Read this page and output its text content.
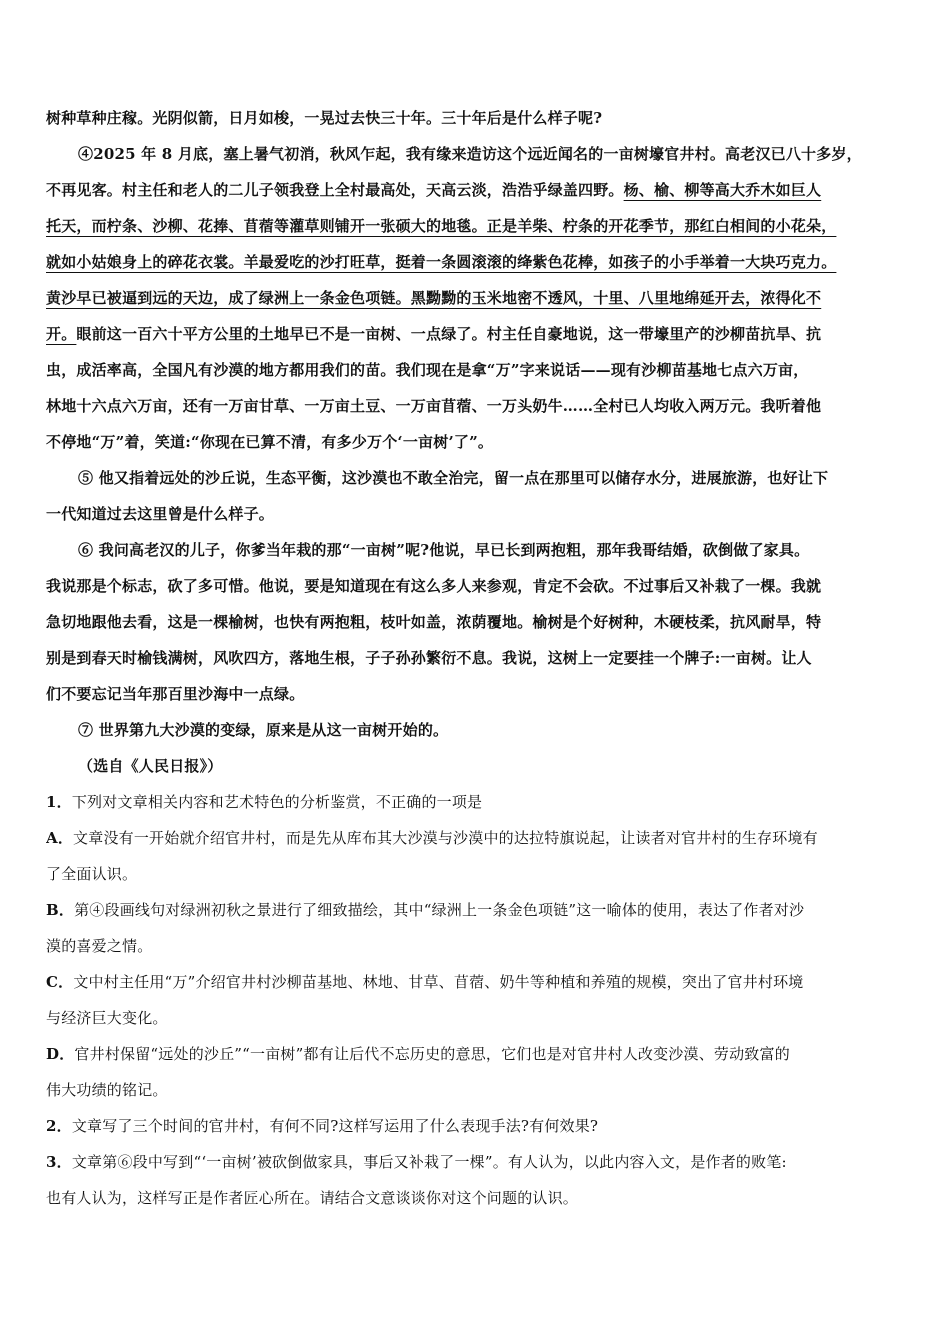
树种草种庄稼。光阴似箭，日月如梭，一晃过去快三十年。三十年后是什么样子呢?
④2025 年 8 月底，塞上暑气初消，秋风乍起，我有缘来造访这个远近闻名的一亩树壕官井村。高老汉已八十多岁，
不再见客。村主任和老人的二儿子领我登上全村最高处，天高云淡，浩浩乎绿盖四野。杨、榆、柳等高大乔木如巨人
托天，而柠条、沙柳、花捧、苜蓿等灌草则铺开一张硕大的地毯。正是羊柴、柠条的开花季节，那红白相间的小花朵，
就如小姑娘身上的碎花衣裳。羊最爱吃的沙打旺草，挺着一条圆滚滚的绛紫色花棒，如孩子的小手举着一大块巧克力。
黄沙早已被逼到远的天边，成了绿洲上一条金色项链。黑黝黝的玉米地密不透风，十里、八里地绵延开去，浓得化不
开。眼前这一百六十平方公里的土地早已不是一亩树、一点绿了。村主任自豪地说，这一带壕里产的沙柳苗抗旱、抗
虫，成活率高，全国凡有沙漠的地方都用我们的苗。我们现在是拿“万”字来说话——现有沙柳苗基地七点六万亩，
林地十六点六万亩，还有一万亩甘草、一万亩土豆、一万亩苜蓿、一万头奶牛……全村已人均收入两万元。我听着他
不停地“万”着，笑道:“你现在已算不清，有多少万个‘一亩树’了”。
⑤ 他又指着远处的沙丘说，生态平衡，这沙漠也不敢全治完，留一点在那里可以储存水分，进展旅游，也好让下
一代知道过去这里曾是什么样子。
⑥ 我问高老汉的儿子，你爹当年栽的那“一亩树”呢?他说，早已长到两抱粗，那年我哥结婚，砍倒做了家具。
我说那是个标志，砍了多可惜。他说，要是知道现在有这么多人来参观，肯定不会砍。不过事后又补栽了一棵。我就
急切地跟他去看，这是一棵榆树，也快有两抱粗，枝叶如盖，浓荫覆地。榆树是个好树种，木硬枝柔，抗风耐旱，特
别是到春天时榆钱满树，风吹四方，落地生根，子子孙孙繁衍不息。我说，这树上一定要挂一个牌子:一亩树。让人
们不要忘记当年那百里沙海中一点绿。
⑦ 世界第九大沙漠的变绿，原来是从这一亩树开始的。
（选自《人民日报》）
1．下列对文章相关内容和艺术特色的分析鉴赏，不正确的一项是
A．文章没有一开始就介绍官井村，而是先从库布其大沙漠与沙漠中的达拉特旗说起，让读者对官井村的生存环境有
了全面认识。
B．第④段画线句对绿洲初秋之景进行了细致描绘，其中“绿洲上一条金色项链”这一喻体的使用，表达了作者对沙
漠的喜爱之情。
C．文中村主任用“万”介绍官井村沙柳苗基地、林地、甘草、苜蓿、奶牛等种植和养殖的规模，突出了官井村环境
与经济巨大变化。
D．官井村保留“远处的沙丘”“一亩树”都有让后代不忘历史的意思，它们也是对官井村人改变沙漠、劳动致富的
伟大功绩的铭记。
2．文章写了三个时间的官井村，有何不同?这样写运用了什么表现手法?有何效果?
3．文章第⑥段中写到“‘一亩树’被砍倒做家具，事后又补栽了一棵”。有人认为，以此内容入文，是作者的败笔:
也有人认为，这样写正是作者匠心所在。请结合文意谈谈你对这个问题的认识。
